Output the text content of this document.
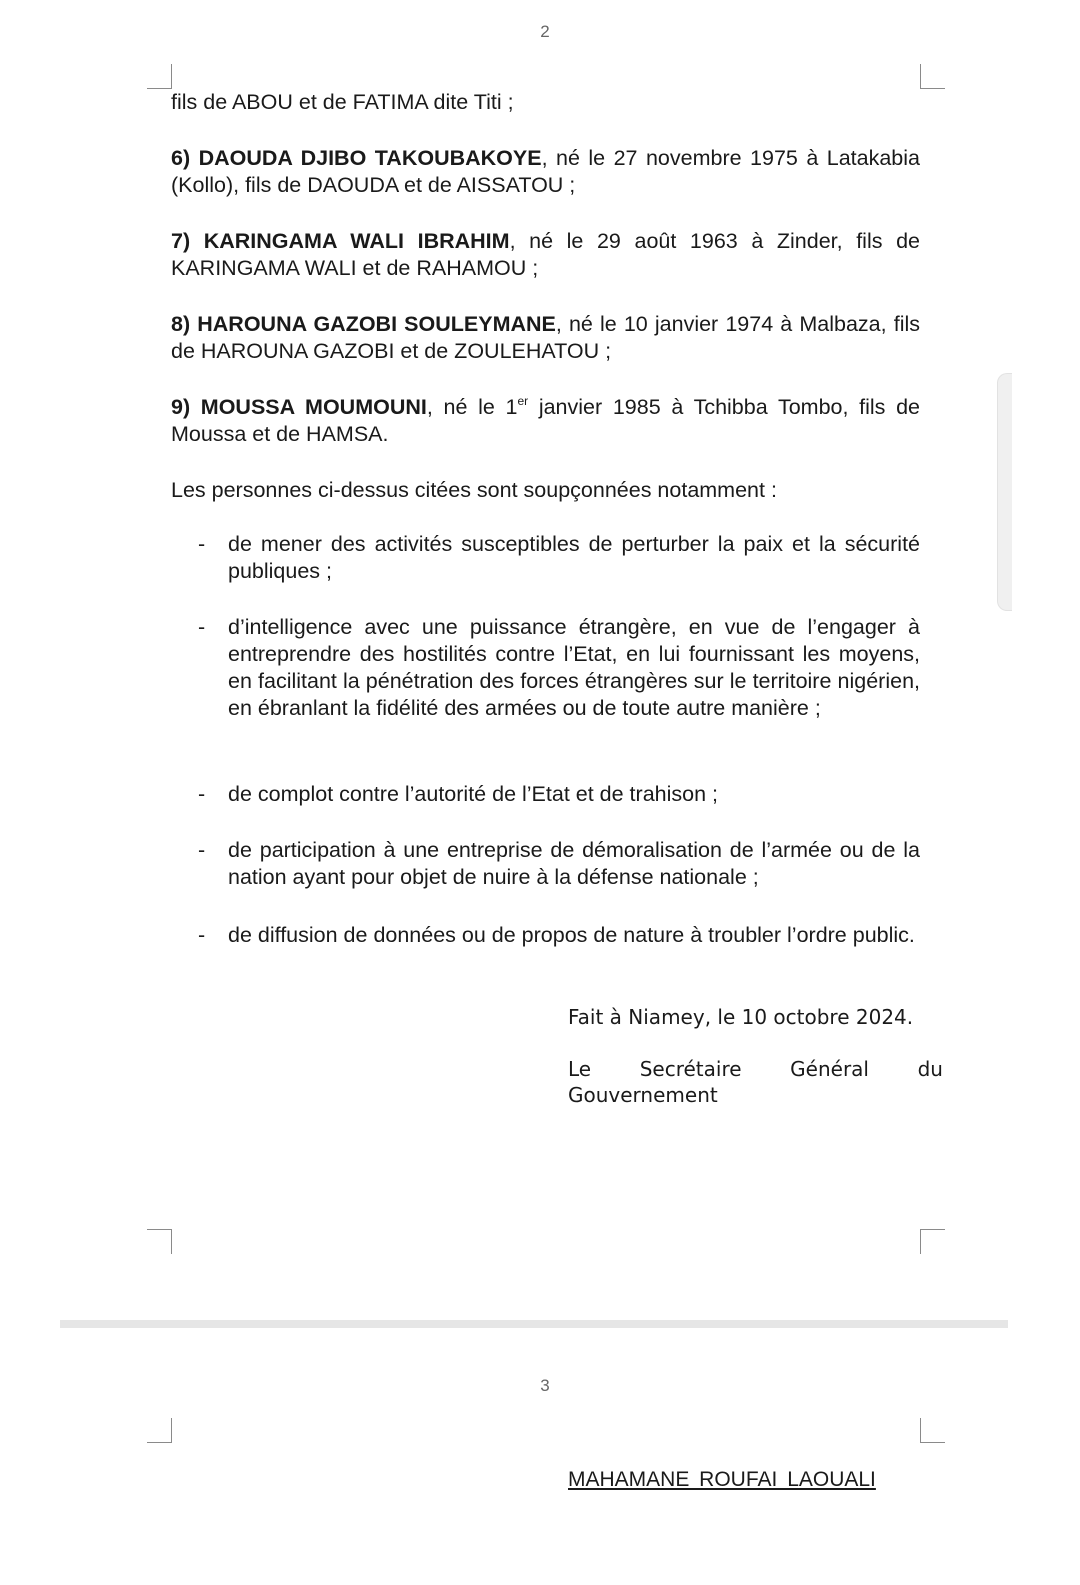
2
fils de ABOU et de FATIMA dite Titi ;
6) DAOUDA DJIBO TAKOUBAKOYE, né le 27 novembre 1975 à Latakabia (Kollo), fils de DAOUDA et de AISSATOU ;
7) KARINGAMA WALI IBRAHIM, né le 29 août 1963 à Zinder, fils de KARINGAMA WALI et de RAHAMOU ;
8) HAROUNA GAZOBI SOULEYMANE, né le 10 janvier 1974 à Malbaza, fils de HAROUNA GAZOBI et de ZOULEHATOU ;
9) MOUSSA MOUMOUNI, né le 1er janvier 1985 à Tchibba Tombo, fils de Moussa et de HAMSA.
Les personnes ci-dessus citées sont soupçonnées notamment :
- de mener des activités susceptibles de perturber la paix et la sécurité publiques ;
- d’intelligence avec une puissance étrangère, en vue de l’engager à entreprendre des hostilités contre l’Etat, en lui fournissant les moyens, en facilitant la pénétration des forces étrangères sur le territoire nigérien, en ébranlant la fidélité des armées ou de toute autre manière ;
- de complot contre l’autorité de l’Etat et de trahison ;
- de participation à une entreprise de démoralisation de l’armée ou de la nation ayant pour objet de nuire à la défense nationale ;
- de diffusion de données ou de propos de nature à troubler l’ordre public.
Fait à Niamey, le 10 octobre 2024.
Le Secrétaire Général du
Gouvernement
3
MAHAMANE ROUFAI LAOUALI
